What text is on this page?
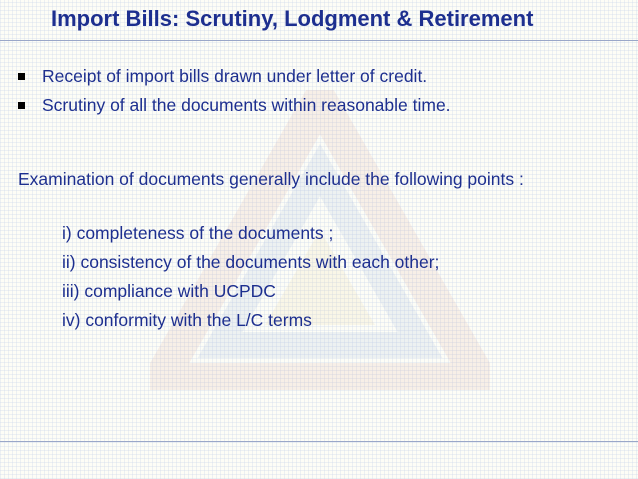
Import Bills: Scrutiny, Lodgment & Retirement
Receipt of import bills drawn under letter of credit.
Scrutiny of all the documents within reasonable time.

Examination of documents generally include the following points :

i) completeness of the documents ;
ii) consistency of the documents with each other;
iii) compliance with UCPDC
iv) conformity with the L/C terms
